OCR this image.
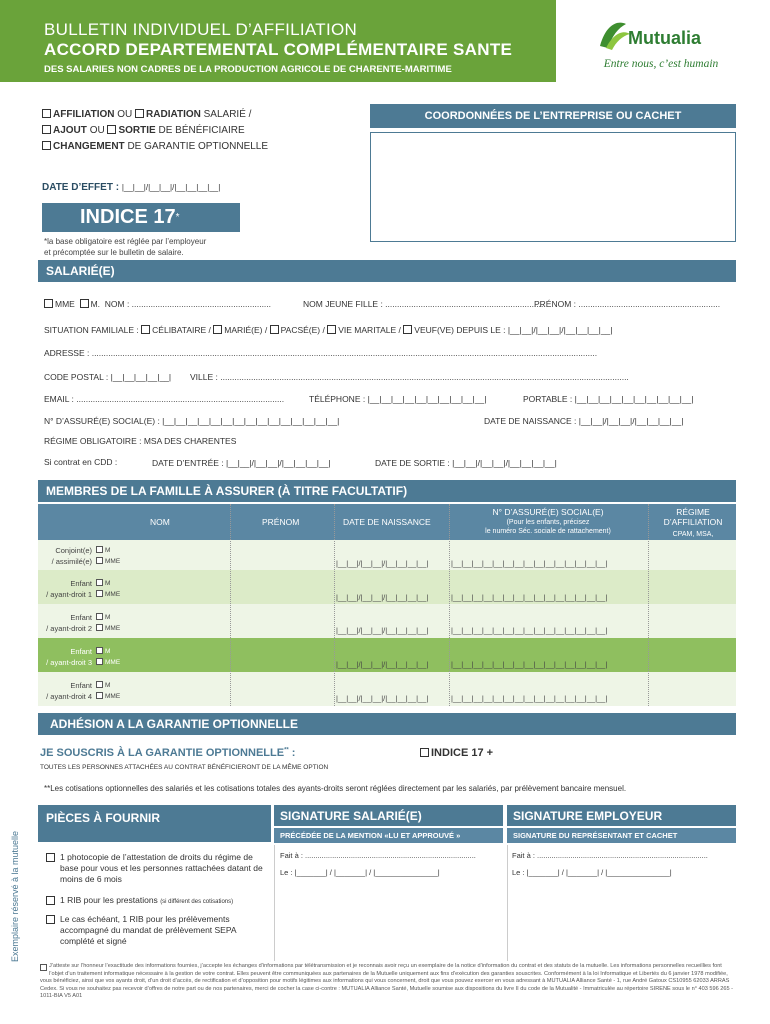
BULLETIN INDIVIDUEL D’AFFILIATION
ACCORD DEPARTEMENTAL COMPLÉMENTAIRE SANTE
DES SALARIES NON CADRES DE LA PRODUCTION AGRICOLE DE CHARENTE-MARITIME
Mutualia
Entre nous, c’est humain
AFFILIATION OU RADIATION SALARIÉ /
AJOUT OU SORTIE DE BÉNÉFICIAIRE
CHANGEMENT DE GARANTIE OPTIONNELLE
COORDONNÉES DE L’ENTREPRISE OU CACHET
DATE D’EFFET : |__|__|/|__|__|/|__|__|__|__|
INDICE 17 *
*la base obligatoire est réglée par l’employeur
et précomptée sur le bulletin de salaire.
SALARIÉ(E)
MME M. NOM : ...........................................................	NOM JEUNE FILLE : ...................................................................
PRÉNOM : ............................................................
SITUATION FAMILIALE : CÉLIBATAIRE / MARIÉ(E) / PACSÉ(E) / VIE MARITALE / VEUF(VE) DEPUIS LE : |__|__|/|__|__|/|__|__|__|__|
ADRESSE : ......................................................................................................................................................................................................................
CODE POSTAL : |__|__|__|__|__| VILLE : .............................................................................................................................................................................
EMAIL : ........................................................................................	TÉLÉPHONE : |__|__|__|__|__|__|__|__|__|__|	PORTABLE : |__|__|__|__|__|__|__|__|__|__|
N° D’ASSURÉ(E) SOCIAL(E) : |__|__|__|__|__|__|__|__|__|__|__|__|__|__|__|	DATE DE NAISSANCE : |__|__|/|__|__|/|__|__|__|__|
RÉGIME OBLIGATOIRE : MSA DES CHARENTES
Si contrat en CDD :	DATE D’ENTRÉE : |__|__|/|__|__|/|__|__|__|__|	DATE DE SORTIE : |__|__|/|__|__|/|__|__|__|__|
MEMBRES DE LA FAMILLE À ASSURER (À TITRE FACULTATIF)
NOM	PRÉNOM	DATE DE NAISSANCE
N° D’ASSURÉ(E) SOCIAL(E)
(Pour les enfants, précisez
le numéro Séc. sociale de rattachement)
RÉGIME D’AFFILIATION
CPAM, MSA,
Conjoint(e)
/ assimilé(e)
M
MME	|__|__|/|__|__|/|__|__|__|__|	|__|__|__|__|__|__|__|__|__|__|__|__|__|__|__|
Enfant
/ ayant-droit 1
M
MME	|__|__|/|__|__|/|__|__|__|__|	|__|__|__|__|__|__|__|__|__|__|__|__|__|__|__|
Enfant
/ ayant-droit 2
M
MME	|__|__|/|__|__|/|__|__|__|__|	|__|__|__|__|__|__|__|__|__|__|__|__|__|__|__|
Enfant
/ ayant-droit 3
M
MME	|__|__|/|__|__|/|__|__|__|__|	|__|__|__|__|__|__|__|__|__|__|__|__|__|__|__|
Enfant
/ ayant-droit 4
M
MME	|__|__|/|__|__|/|__|__|__|__|	|__|__|__|__|__|__|__|__|__|__|__|__|__|__|__|
ADHÉSION A LA GARANTIE OPTIONNELLE
JE SOUSCRIS À LA GARANTIE OPTIONNELLE** :	INDICE 17 +
TOUTES LES PERSONNES ATTACHÉES AU CONTRAT BÉNÉFICIERONT DE LA MÊME OPTION
**Les cotisations optionnelles des salariés et les cotisations totales des ayants-droits seront réglées directement par les salariés, par prélèvement bancaire mensuel.
PIÈCES À FOURNIR
Exemplaire réservé à la mutuelle	1 photocopie de l’attestation de droits du régime de base pour vous et les personnes rattachées datant de moins de 6 mois
1 RIB pour les prestations (si différent des cotisations)
Le cas échéant, 1 RIB pour les prélèvements accompagné du mandat de prélèvement SEPA complété et signé
SIGNATURE SALARIÉ(E)
PRÉCÉDÉE DE LA MENTION «LU ET APPROUVÉ »
Fait à : ..................................................................................
Le : |_______| / |_______| / |_______________|
SIGNATURE EMPLOYEUR
SIGNATURE DU REPRÉSENTANT ET CACHET
Fait à : ..................................................................................
Le : |_______| / |_______| / |_______________|
J’atteste sur l’honneur l’exactitude des informations fournies, j’accepte les échanges d’informations par télétransmission et je reconnais avoir reçu un exemplaire de la notice d’information du contrat et des statuts de la mutuelle. Les informations personnelles recueillies font l’objet d’un traitement informatique nécessaire à la gestion de votre contrat. Elles peuvent être communiquées aux partenaires de la Mutuelle uniquement aux fins d’exécution des garanties souscrites. Conformément à la loi Informatique et Libertés du 6 janvier 1978 modifiée, vous bénéficiez, ainsi que vos ayants droit, d’un droit d’accès, de rectification et d’opposition pour motifs légitimes aux informations qui vous concernent, droit que vous pouvez exercer en vous adressant à MUTUALIA Alliance Santé - 1, rue André Gatoux CS10955 62033 ARRAS Cedex. Si vous ne souhaitez pas recevoir d’offres de notre part ou de nos partenaires, merci de cocher la case ci-contre : MUTUALIA Alliance Santé, Mutuelle soumise aux dispositions du livre II du code de la Mutualité - Immatriculée au répertoire SIRENE sous le n° 403 596 265 - 1011-BIA V5 A01
